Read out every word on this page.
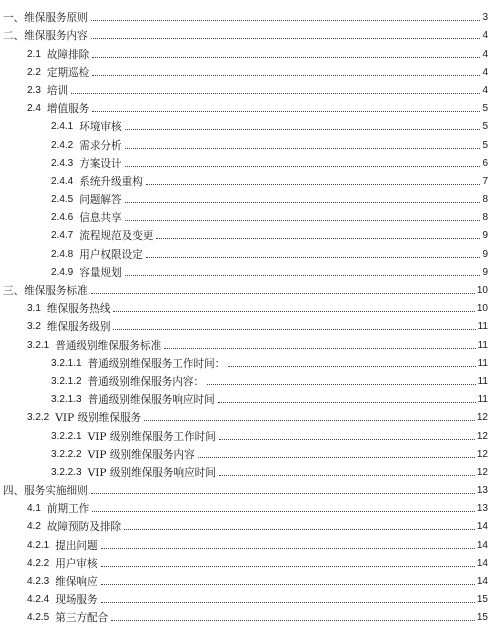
一、维保服务原则	3
二、维保服务内容	4
2.1 故障排除	4
2.2 定期巡检	4
2.3 培训	4
2.4 增值服务	5
2.4.1 环境审核	5
2.4.2 需求分析	5
2.4.3 方案设计	6
2.4.4 系统升级重构	7
2.4.5 问题解答	8
2.4.6 信息共享	8
2.4.7 流程规范及变更	9
2.4.8 用户权限设定	9
2.4.9 容量规划	9
三、维保服务标准	10
3.1 维保服务热线	10
3.2 维保服务级别	11
3.2.1 普通级别维保服务标准	11
3.2.1.1 普通级别维保服务工作时间：	11
3.2.1.2 普通级别维保服务内容：	11
3.2.1.3 普通级别维保服务响应时间	11
3.2.2 VIP 级别维保服务	12
3.2.2.1 VIP 级别维保服务工作时间	12
3.2.2.2 VIP 级别维保服务内容	12
3.2.2.3 VIP 级别维保服务响应时间	12
四、服务实施细则	13
4.1 前期工作	13
4.2 故障预防及排除	14
4.2.1 提出问题	14
4.2.2 用户审核	14
4.2.3 维保响应	14
4.2.4 现场服务	15
4.2.5 第三方配合	15
